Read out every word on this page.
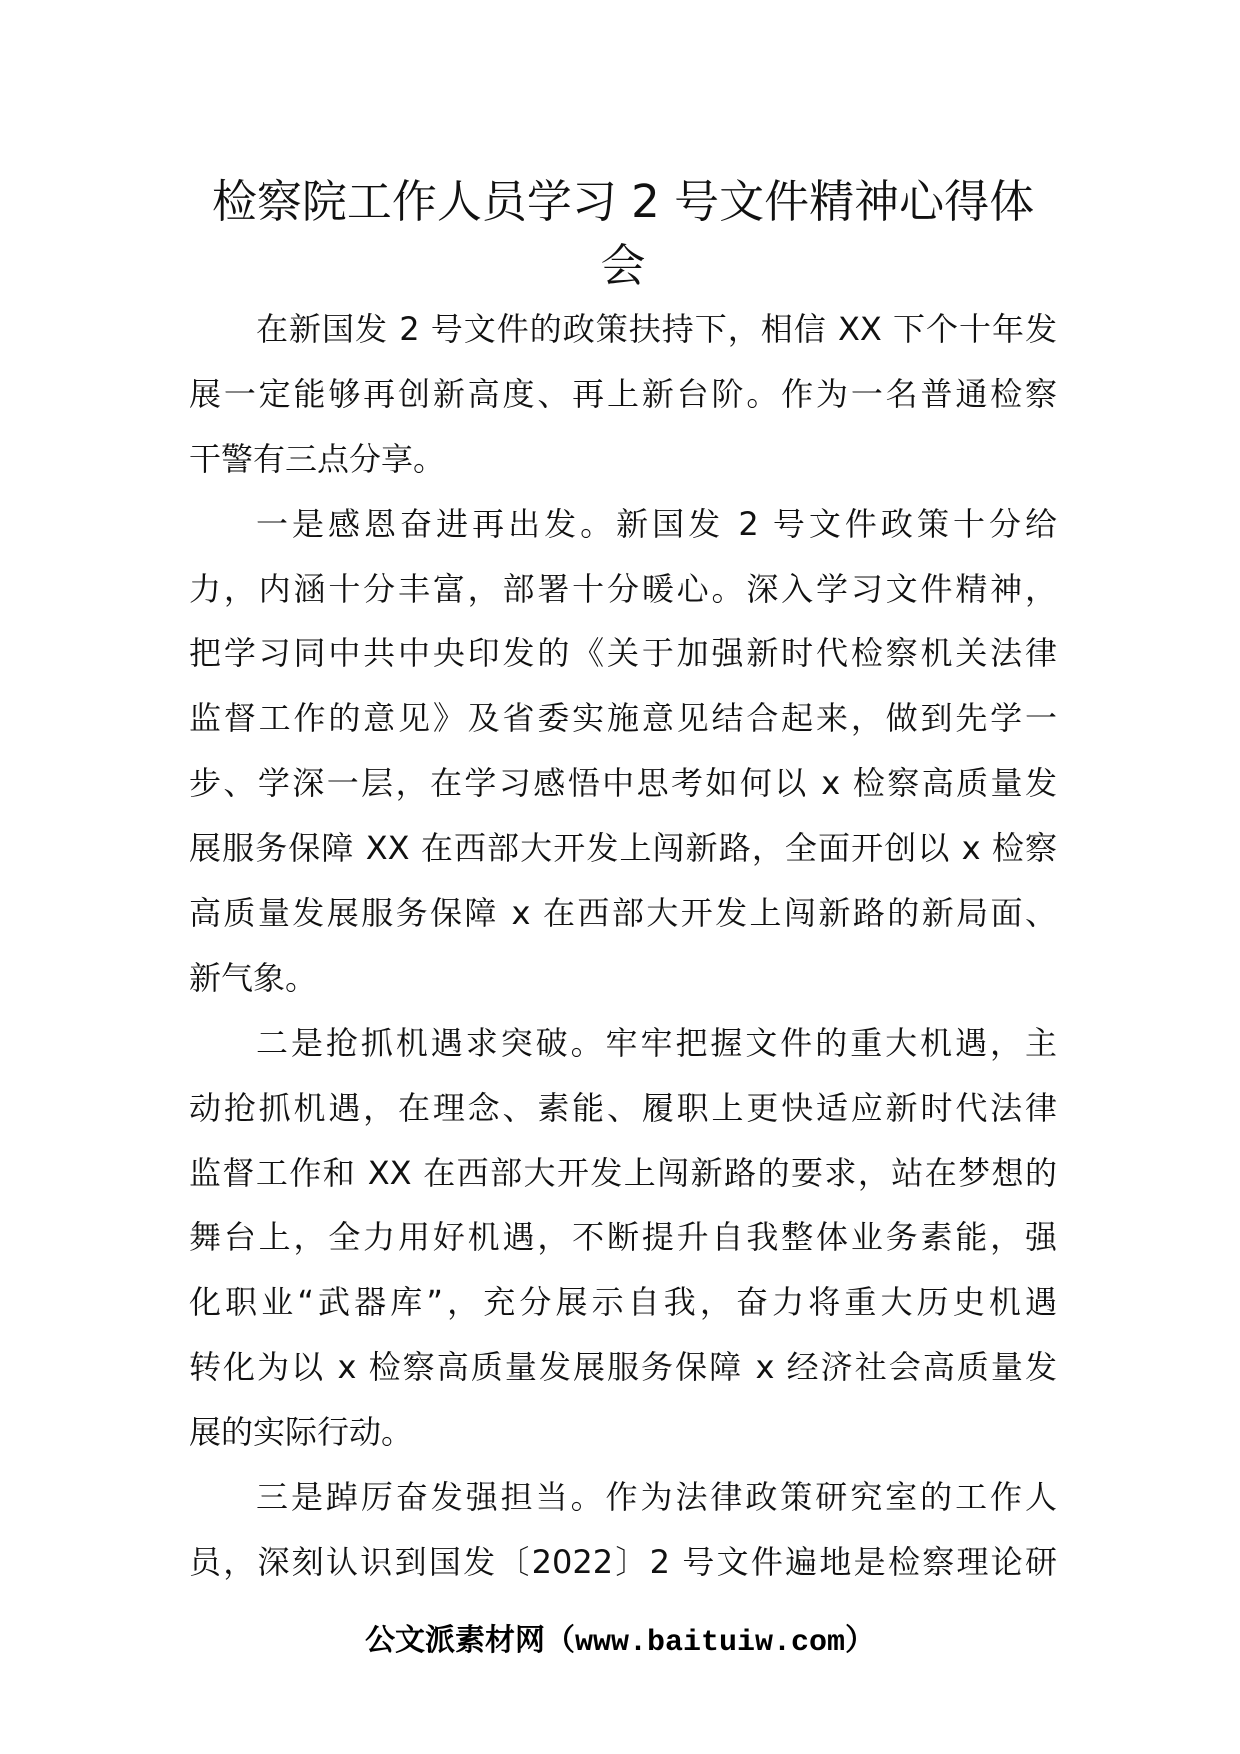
检察院工作人员学习 2 号文件精神心得体
会
在新国发 2 号文件的政策扶持下，相信 XX 下个十年发
展一定能够再创新高度、再上新台阶。作为一名普通检察
干警有三点分享。
一是感恩奋进再出发。新国发 2 号文件政策十分给
力，内涵十分丰富，部署十分暖心。深入学习文件精神，
把学习同中共中央印发的《关于加强新时代检察机关法律
监督工作的意见》及省委实施意见结合起来，做到先学一
步、学深一层，在学习感悟中思考如何以 x 检察高质量发
展服务保障 XX 在西部大开发上闯新路，全面开创以 x 检察
高质量发展服务保障 x 在西部大开发上闯新路的新局面、
新气象。
二是抢抓机遇求突破。牢牢把握文件的重大机遇，主
动抢抓机遇，在理念、素能、履职上更快适应新时代法律
监督工作和 XX 在西部大开发上闯新路的要求，站在梦想的
舞台上，全力用好机遇，不断提升自我整体业务素能，强
化职业“武器库”，充分展示自我，奋力将重大历史机遇
转化为以 x 检察高质量发展服务保障 x 经济社会高质量发
展的实际行动。
三是踔厉奋发强担当。作为法律政策研究室的工作人
员，深刻认识到国发〔2022〕2 号文件遍地是检察理论研
公文派素材网（www.baituiw.com）
